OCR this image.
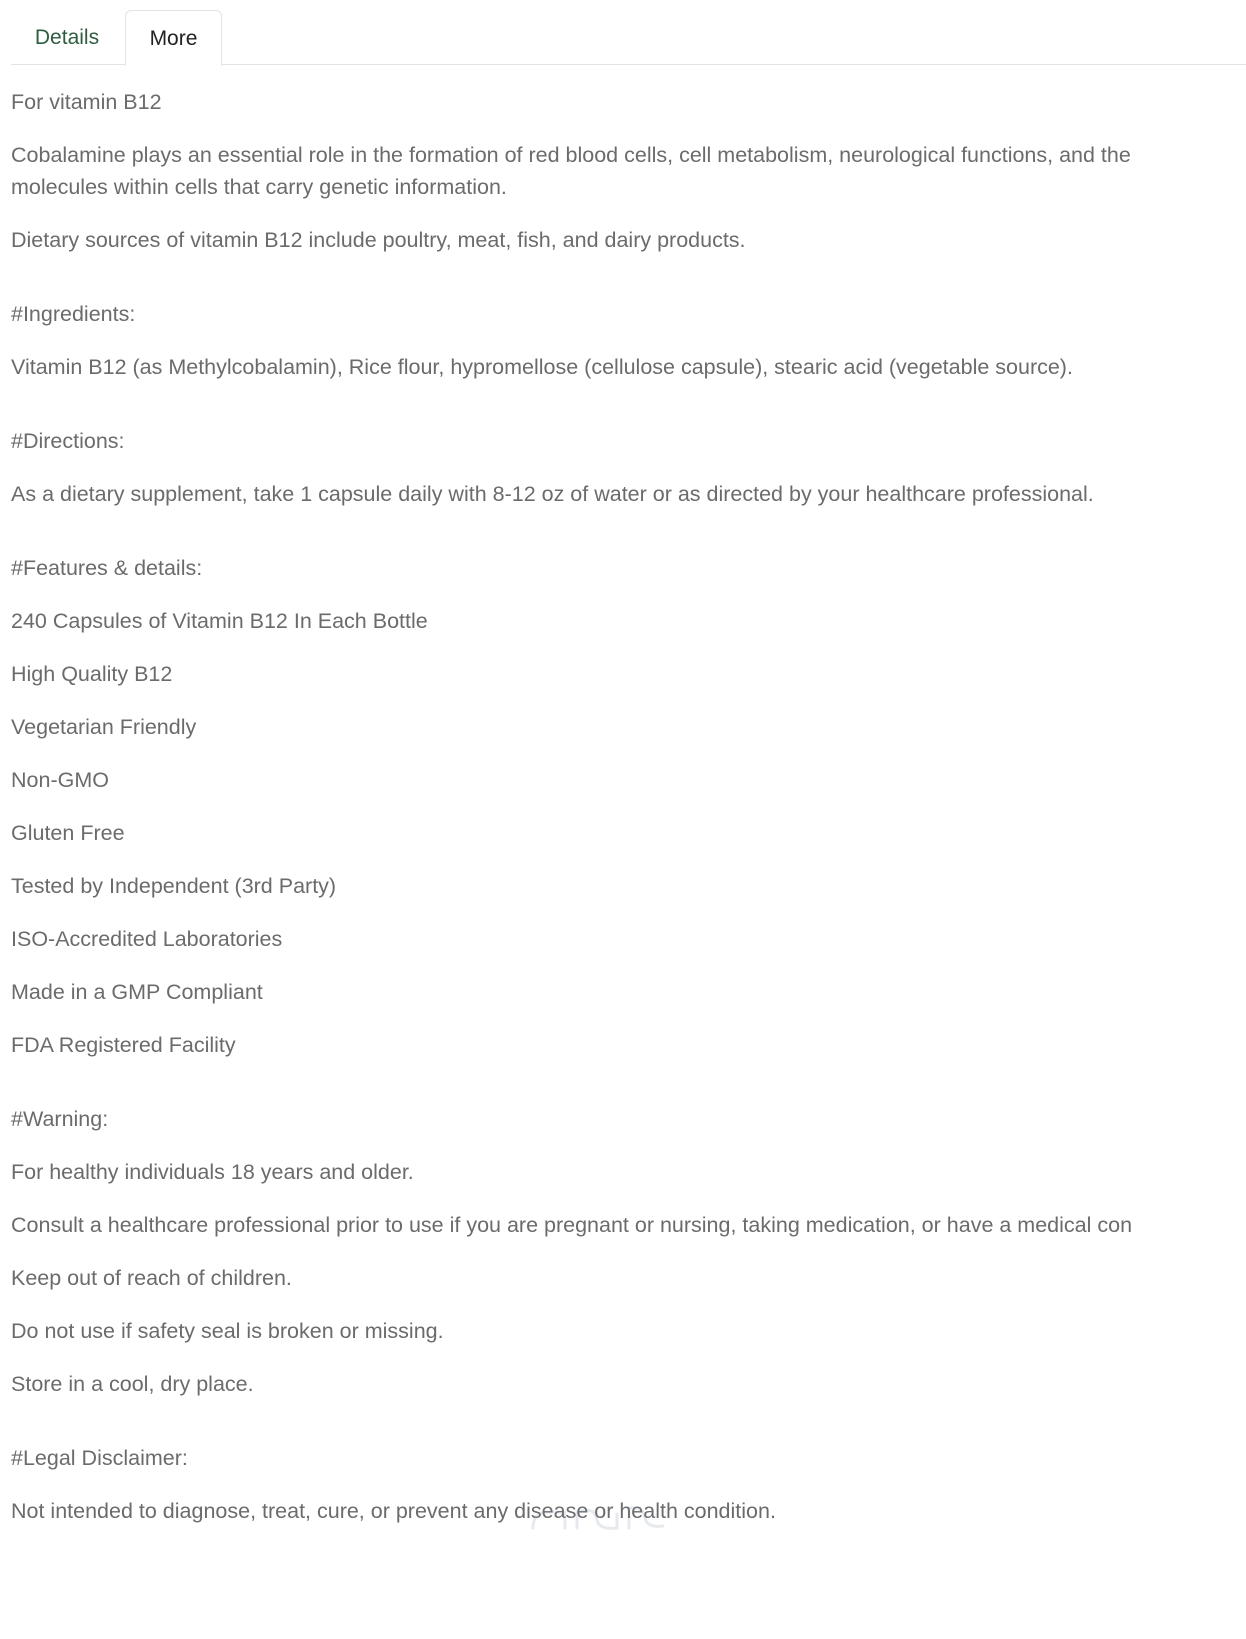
Details	More
For vitamin B12
Cobalamine plays an essential role in the formation of red blood cells, cell metabolism, neurological functions, and the
molecules within cells that carry genetic information.
Dietary sources of vitamin B12 include poultry, meat, fish, and dairy products.
#Ingredients:
Vitamin B12 (as Methylcobalamin), Rice flour, hypromellose (cellulose capsule), stearic acid (vegetable source).
#Directions:
As a dietary supplement, take 1 capsule daily with 8-12 oz of water or as directed by your healthcare professional.
#Features & details:
240 Capsules of Vitamin B12 In Each Bottle
High Quality B12
Vegetarian Friendly
Non-GMO
Gluten Free
Tested by Independent (3rd Party)
ISO-Accredited Laboratories
Made in a GMP Compliant
FDA Registered Facility
#Warning:
For healthy individuals 18 years and older.
Consult a healthcare professional prior to use if you are pregnant or nursing, taking medication, or have a medical con
Keep out of reach of children.
Do not use if safety seal is broken or missing.
Store in a cool, dry place.
#Legal Disclaimer:
Not intended to diagnose, treat, cure, or prevent any disease or health condition.
